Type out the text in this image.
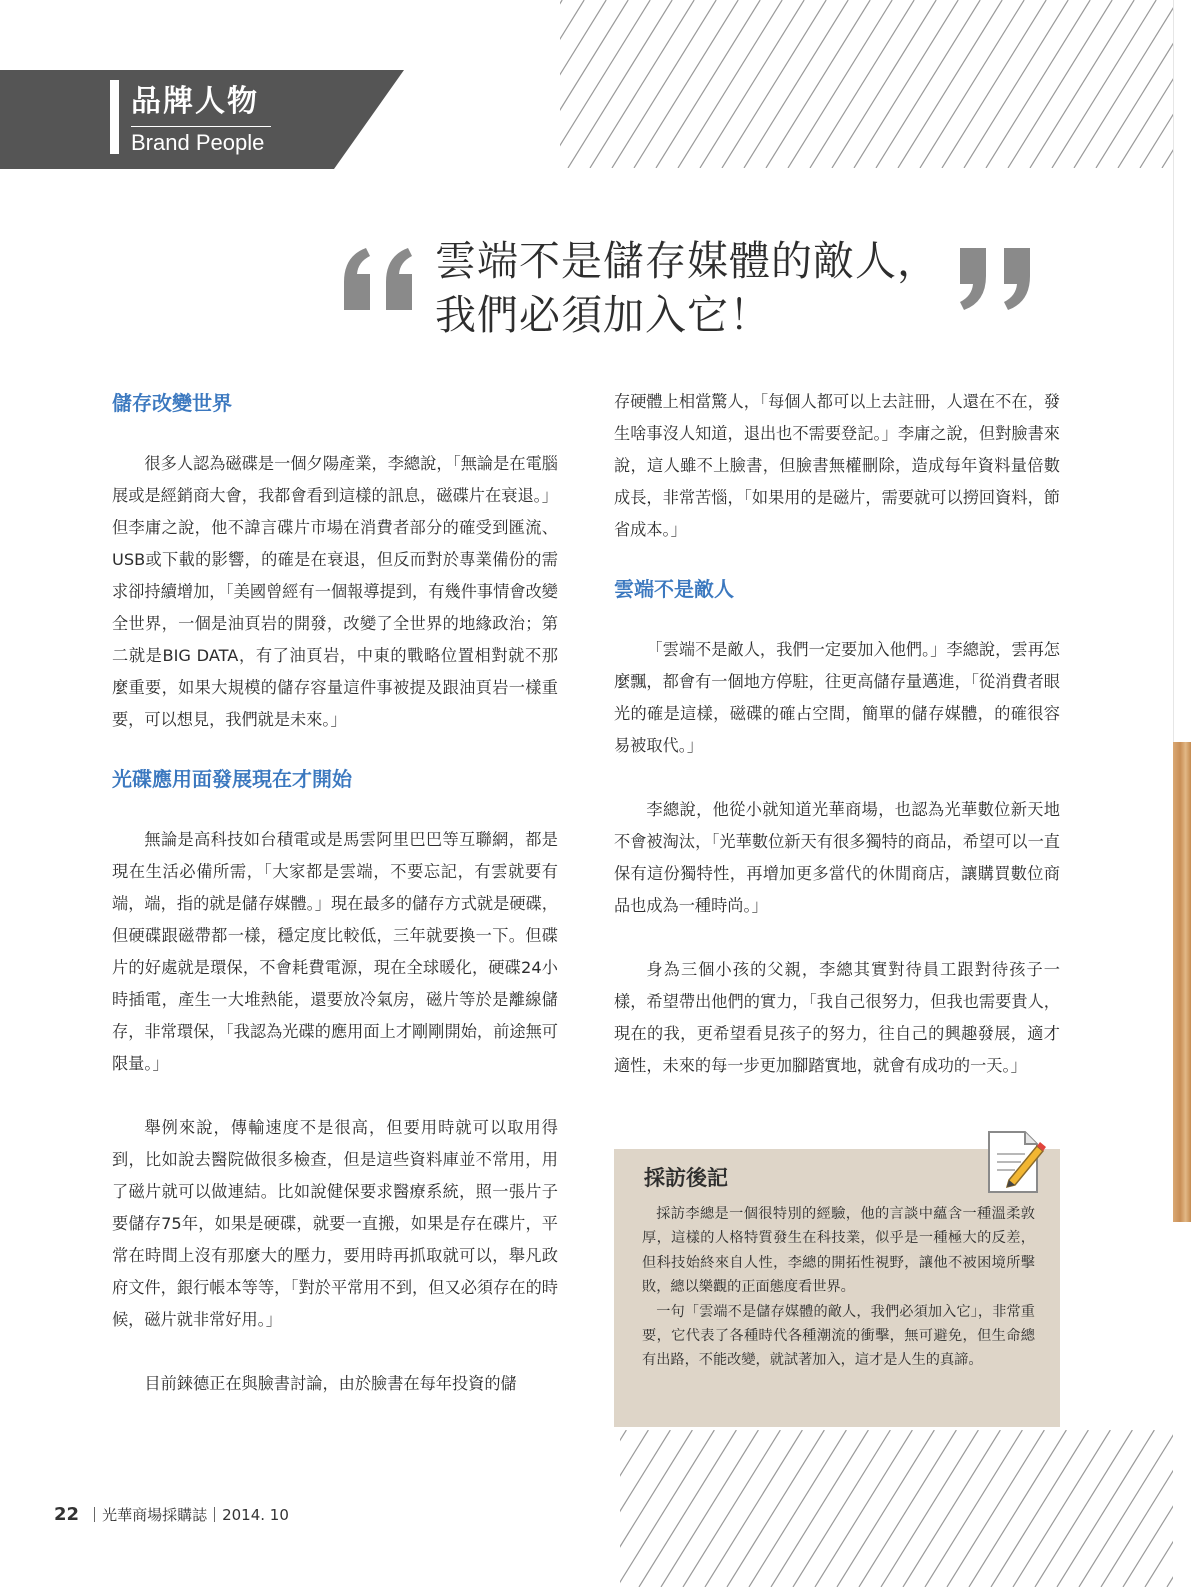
品牌人物

Brand People

雲端不是儲存媒體的敵人，
我們必須加入它！
儲存改變世界

很多人認為磁碟是一個夕陽產業，李總說，「無論是在電腦展或是經銷商大會，我都會看到這樣的訊息，磁碟片在衰退。」但李庸之說，他不諱言碟片市場在消費者部分的確受到匯流、USB或下載的影響，的確是在衰退，但反而對於專業備份的需求卻持續增加，「美國曾經有一個報導提到，有幾件事情會改變全世界，一個是油頁岩的開發，改變了全世界的地緣政治；第二就是BIG DATA，有了油頁岩，中東的戰略位置相對就不那麼重要，如果大規模的儲存容量這件事被提及跟油頁岩一樣重要，可以想見，我們就是未來。」

光碟應用面發展現在才開始

無論是高科技如台積電或是馬雲阿里巴巴等互聯網，都是現在生活必備所需，「大家都是雲端，不要忘記，有雲就要有端，端，指的就是儲存媒體。」現在最多的儲存方式就是硬碟，但硬碟跟磁帶都一樣，穩定度比較低，三年就要換一下。但碟片的好處就是環保，不會耗費電源，現在全球暖化，硬碟24小時插電，產生一大堆熱能，還要放冷氣房，磁片等於是離線儲存，非常環保，「我認為光碟的應用面上才剛剛開始，前途無可限量。」

舉例來說，傳輸速度不是很高，但要用時就可以取用得到，比如說去醫院做很多檢查，但是這些資料庫並不常用，用了磁片就可以做連結。比如說健保要求醫療系統，照一張片子要儲存75年，如果是硬碟，就要一直搬，如果是存在碟片，平常在時間上沒有那麼大的壓力，要用時再抓取就可以，舉凡政府文件，銀行帳本等等，「對於平常用不到，但又必須存在的時候，磁片就非常好用。」

目前錸德正在與臉書討論，由於臉書在每年投資的儲

存硬體上相當驚人，「每個人都可以上去註冊，人還在不在，發生啥事沒人知道，退出也不需要登記。」李庸之說，但對臉書來說，這人雖不上臉書，但臉書無權刪除，造成每年資料量倍數成長，非常苦惱，「如果用的是磁片，需要就可以撈回資料，節省成本。」

雲端不是敵人

「雲端不是敵人，我們一定要加入他們。」李總說，雲再怎麼飄，都會有一個地方停駐，往更高儲存量邁進，「從消費者眼光的確是這樣，磁碟的確占空間，簡單的儲存媒體，的確很容易被取代。」

李總說，他從小就知道光華商場，也認為光華數位新天地不會被淘汰，「光華數位新天有很多獨特的商品，希望可以一直保有這份獨特性，再增加更多當代的休閒商店，讓購買數位商品也成為一種時尚。」

身為三個小孩的父親，李總其實對待員工跟對待孩子一樣，希望帶出他們的實力，「我自己很努力，但我也需要貴人，現在的我，更希望看見孩子的努力，往自己的興趣發展，適才適性，未來的每一步更加腳踏實地，就會有成功的一天。」

採訪後記

採訪李總是一個很特別的經驗，他的言談中蘊含一種溫柔敦厚，這樣的人格特質發生在科技業，似乎是一種極大的反差，但科技始終來自人性，李總的開拓性視野，讓他不被困境所擊敗，總以樂觀的正面態度看世界。

一句「雲端不是儲存媒體的敵人，我們必須加入它」，非常重要，它代表了各種時代各種潮流的衝擊，無可避免，但生命總有出路，不能改變，就試著加入，這才是人生的真諦。

22 光華商場採購誌 2014. 10
